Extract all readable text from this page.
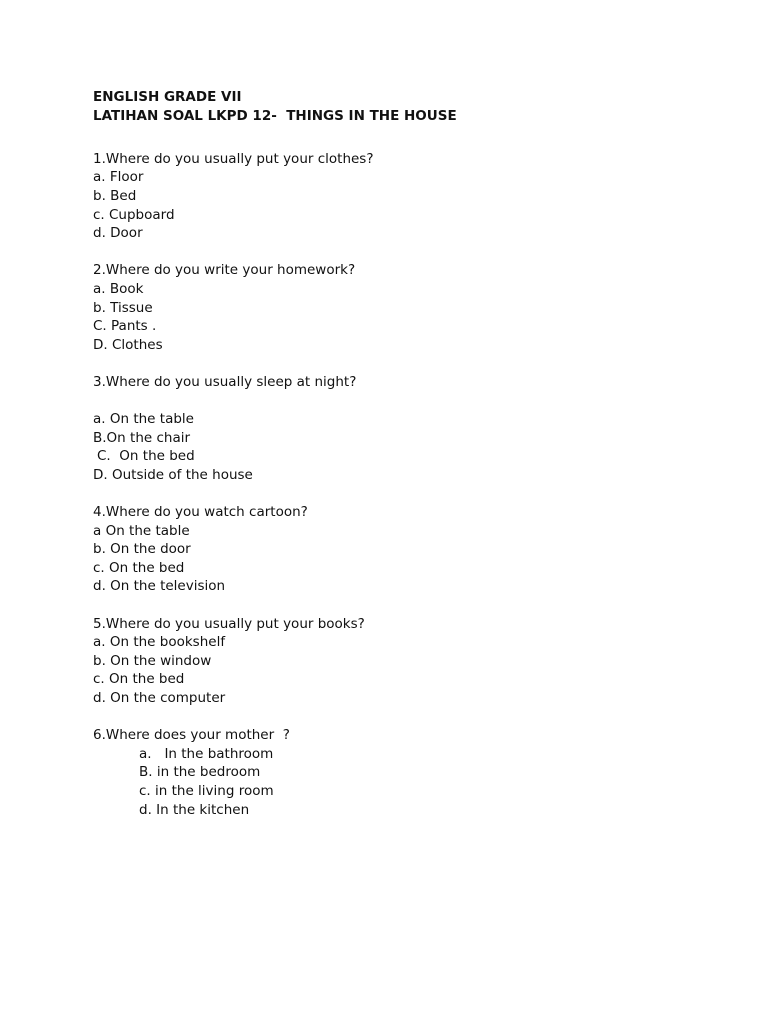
ENGLISH GRADE VII
LATIHAN SOAL LKPD 12-  THINGS IN THE HOUSE
1.Where do you usually put your clothes?
a. Floor
b. Bed
c. Cupboard
d. Door
2.Where do you write your homework?
a. Book
b. Tissue
C. Pants .
D. Clothes
3.Where do you usually sleep at night?
a. On the table
B.On the chair
C.  On the bed
D. Outside of the house
4.Where do you watch cartoon?
a On the table
b. On the door
c. On the bed
d. On the television
5.Where do you usually put your books?
a. On the bookshelf
b. On the window
c. On the bed
d. On the computer
6.Where does your mother  ?
a.   In the bathroom
B. in the bedroom
c. in the living room
d. In the kitchen
